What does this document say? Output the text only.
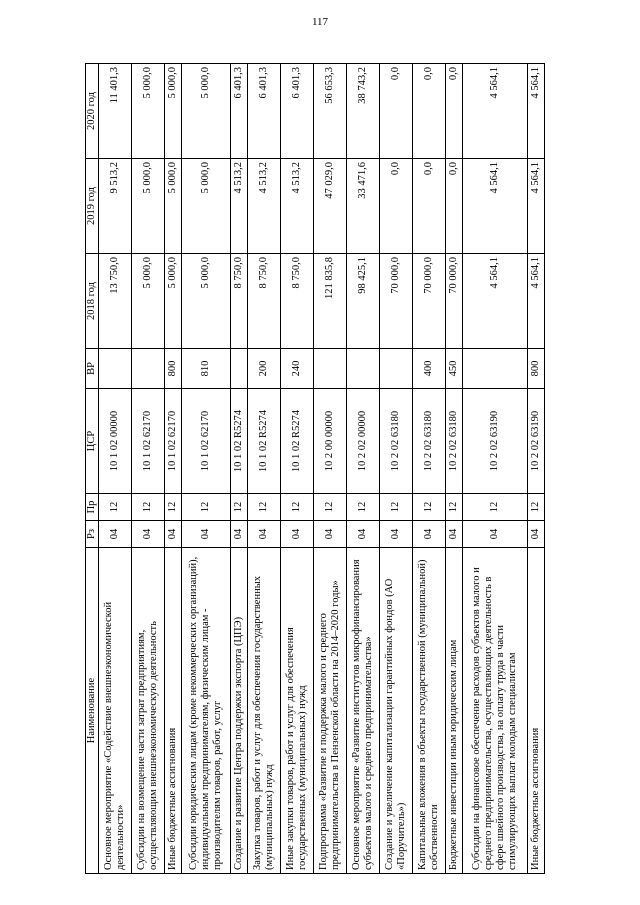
117
Наименование	Рз	Пр	ЦСР	ВР	2018 год	2019 год	2020 год
Основное мероприятие «Содействие внешнеэкономической деятельности»	04	12	10 1 02 00000		13 750,0	9 513,2	11 401,3
Субсидии на возмещение части затрат предприятиям, осуществляющим внешнеэкономическую деятельность	04	12	10 1 02 62170		5 000,0	5 000,0	5 000,0
Иные бюджетные ассигнования	04	12	10 1 02 62170	800	5 000,0	5 000,0	5 000,0
Субсидии юридическим лицам (кроме некоммерческих организаций), индивидуальным предпринимателям, физическим лицам - производителям товаров, работ, услуг	04	12	10 1 02 62170	810	5 000,0	5 000,0	5 000,0
Создание и развитие Центра поддержки экспорта (ЦПЭ)	04	12	10 1 02 R5274		8 750,0	4 513,2	6 401,3
Закупка товаров, работ и услуг для обеспечения государственных (муниципальных) нужд	04	12	10 1 02 R5274	200	8 750,0	4 513,2	6 401,3
Иные закупки товаров, работ и услуг для обеспечения государственных (муниципальных) нужд	04	12	10 1 02 R5274	240	8 750,0	4 513,2	6 401,3
Подпрограмма «Развитие и поддержка малого и среднего предпринимательства в Пензенской области на 2014–2020 годы»	04	12	10 2 00 00000		121 835,8	47 029,0	56 653,3
Основное мероприятие «Развитие институтов микрофинансирования субъектов малого и среднего предпринимательства»	04	12	10 2 02 00000		98 425,1	33 471,6	38 743,2
Создание и увеличение капитализации гарантийных фондов (АО «Поручитель»)	04	12	10 2 02 63180		70 000,0	0,0	0,0
Капитальные вложения в объекты государственной (муниципальной) собственности	04	12	10 2 02 63180	400	70 000,0	0,0	0,0
Бюджетные инвестиции иным юридическим лицам	04	12	10 2 02 63180	450	70 000,0	0,0	0,0
Субсидии на финансовое обеспечение расходов субъектов малого и среднего предпринимательства, осуществляющих деятельность в сфере швейного производства, на оплату труда в части стимулирующих выплат молодым специалистам	04	12	10 2 02 63190		4 564,1	4 564,1	4 564,1
Иные бюджетные ассигнования	04	12	10 2 02 63190	800	4 564,1	4 564,1	4 564,1
